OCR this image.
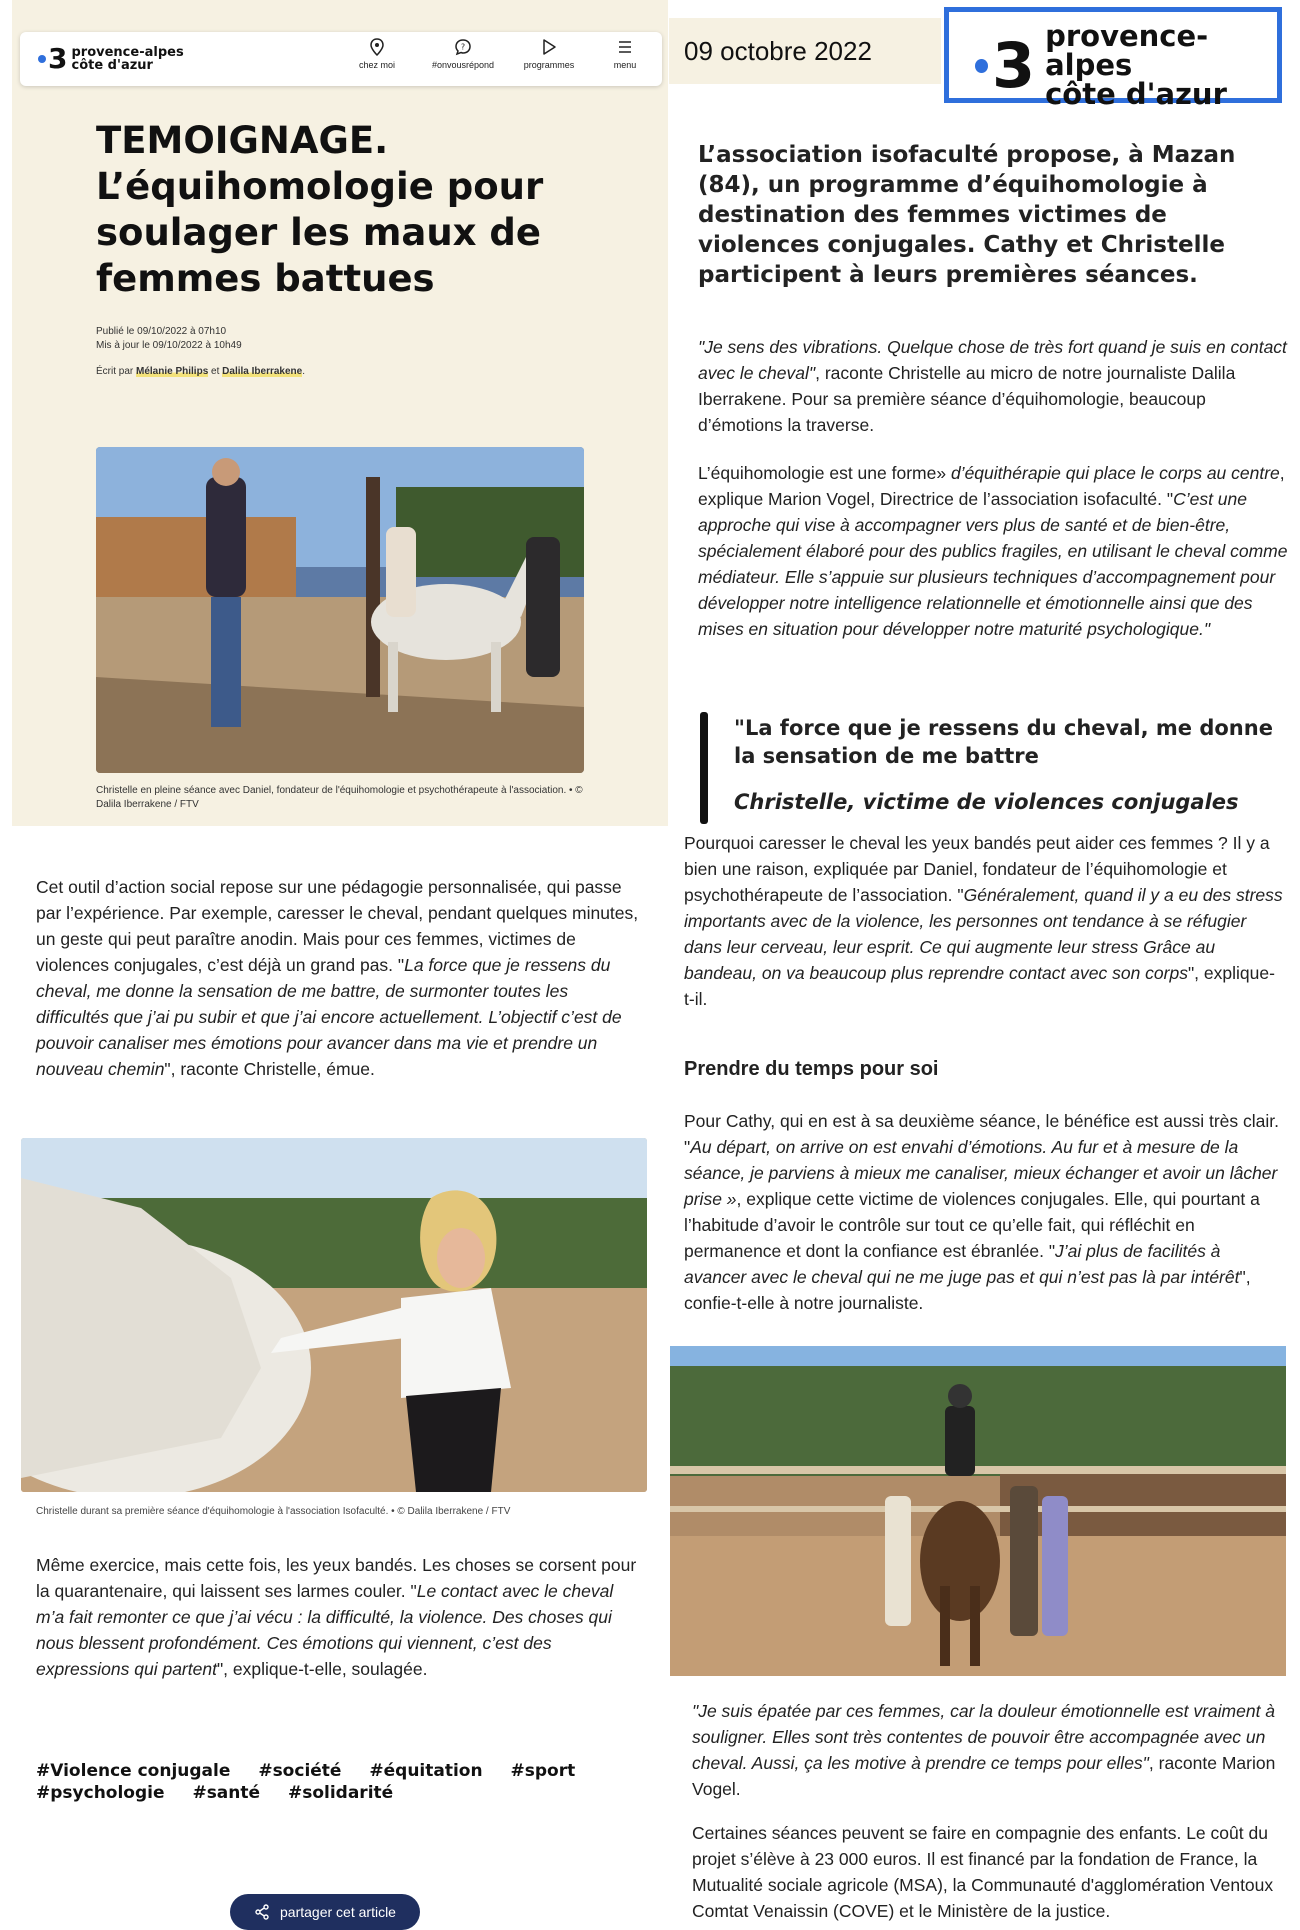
3 provence-alpes
côte d'azur	chez moi
?
#onvousrépond	programmes	menu
TEMOIGNAGE. L’équihomologie pour soulager les maux de femmes battues
Publié le 09/10/2022 à 07h10
Mis à jour le 09/10/2022 à 10h49
Écrit par Mélanie Philips et Dalila Iberrakene.
Christelle en pleine séance avec Daniel, fondateur de l'équihomologie et psychothérapeute à l'association. • © Dalila Iberrakene / FTV

Cet outil d’action social repose sur une pédagogie personnalisée, qui passe par l’expérience. Par exemple, caresser le cheval, pendant quelques minutes, un geste qui peut paraître anodin. Mais pour ces femmes, victimes de violences conjugales, c’est déjà un grand pas. "La force que je ressens du cheval, me donne la sensation de me battre, de surmonter toutes les difficultés que j’ai pu subir et que j’ai encore actuellement. L’objectif c’est de pouvoir canaliser mes émotions pour avancer dans ma vie et prendre un nouveau chemin", raconte Christelle, émue.

Christelle durant sa première séance d'équihomologie à l'association Isofaculté. • © Dalila Iberrakene / FTV

Même exercice, mais cette fois, les yeux bandés. Les choses se corsent pour la quarantenaire, qui laissent ses larmes couler. "Le contact avec le cheval m’a fait remonter ce que j’ai vécu : la difficulté, la violence. Des choses qui nous blessent profondément. Ces émotions qui viennent, c’est des expressions qui partent", explique-t-elle, soulagée.

#Violence conjugale #société #équitation #sport
#psychologie #santé #solidarité
partager cet article
09 octobre 2022 3 provence-alpes
côte d'azur

L’association isofaculté propose, à Mazan (84), un programme d’équihomologie à destination des femmes victimes de violences conjugales. Cathy et Christelle participent à leurs premières séances.

"Je sens des vibrations. Quelque chose de très fort quand je suis en contact avec le cheval", raconte Christelle au micro de notre journaliste Dalila Iberrakene. Pour sa première séance d’équihomologie, beaucoup d’émotions la traverse.

L’équihomologie est une forme» d’équithérapie qui place le corps au centre, explique Marion Vogel, Directrice de l’association isofaculté. "C’est une approche qui vise à accompagner vers plus de santé et de bien-être, spécialement élaboré pour des publics fragiles, en utilisant le cheval comme médiateur. Elle s’appuie sur plusieurs techniques d’accompagnement pour développer notre intelligence relationnelle et émotionnelle ainsi que des mises en situation pour développer notre maturité psychologique."

"La force que je ressens du cheval, me donne la sensation de me battre

Christelle, victime de violences conjugales

Pourquoi caresser le cheval les yeux bandés peut aider ces femmes ? Il y a bien une raison, expliquée par Daniel, fondateur de l’équihomologie et psychothérapeute de l’association. "Généralement, quand il y a eu des stress importants avec de la violence, les personnes ont tendance à se réfugier dans leur cerveau, leur esprit. Ce qui augmente leur stress Grâce au bandeau, on va beaucoup plus reprendre contact avec son corps", explique-t-il.

Prendre du temps pour soi

Pour Cathy, qui en est à sa deuxième séance, le bénéfice est aussi très clair. "Au départ, on arrive on est envahi d’émotions. Au fur et à mesure de la séance, je parviens à mieux me canaliser, mieux échanger et avoir un lâcher prise », explique cette victime de violences conjugales. Elle, qui pourtant a l’habitude d’avoir le contrôle sur tout ce qu’elle fait, qui réfléchit en permanence et dont la confiance est ébranlée. "J’ai plus de facilités à avancer avec le cheval qui ne me juge pas et qui n’est pas là par intérêt", confie-t-elle à notre journaliste.

"Je suis épatée par ces femmes, car la douleur émotionnelle est vraiment à souligner. Elles sont très contentes de pouvoir être accompagnée avec un cheval. Aussi, ça les motive à prendre ce temps pour elles", raconte Marion Vogel.

Certaines séances peuvent se faire en compagnie des enfants. Le coût du projet s’élève à 23 000 euros. Il est financé par la fondation de France, la Mutualité sociale agricole (MSA), la Communauté d'agglomération Ventoux Comtat Venaissin (COVE) et le Ministère de la justice.
